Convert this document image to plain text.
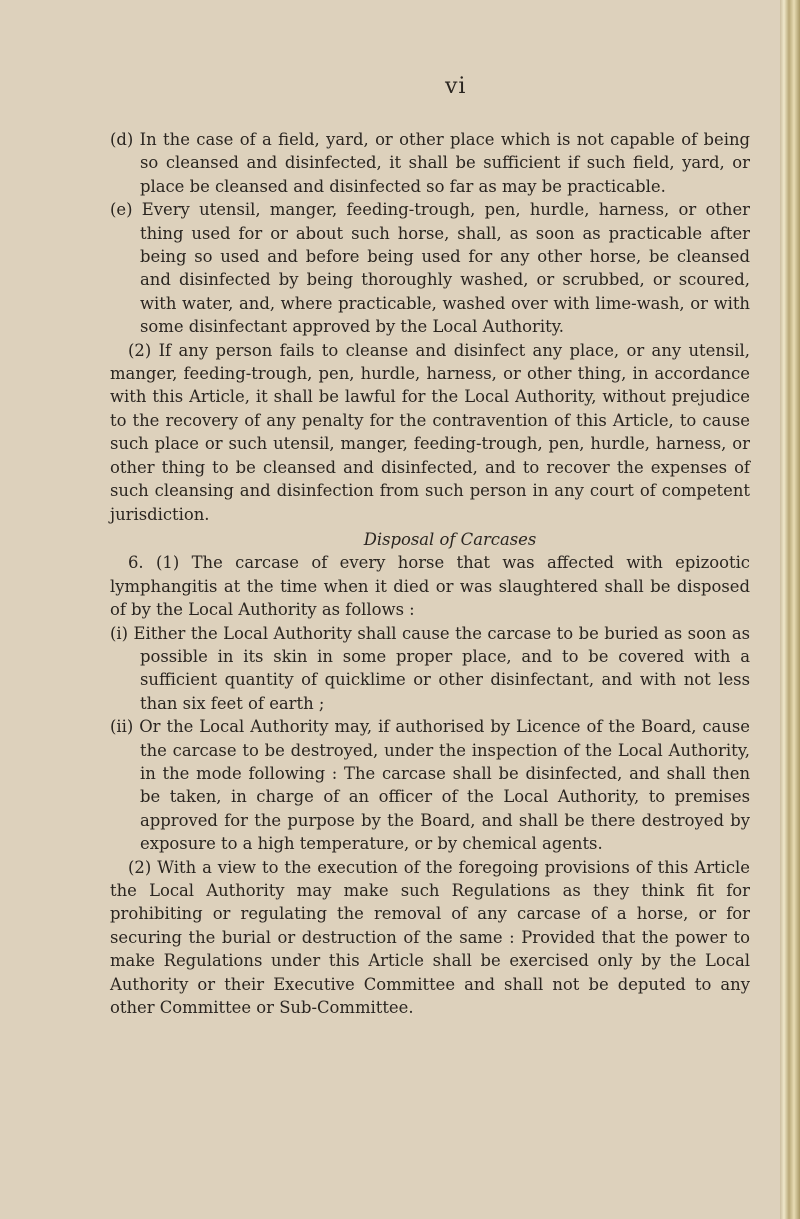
vi

(d) In the case of a field, yard, or other place which is not capable of being so cleansed and disinfected, it shall be sufficient if such field, yard, or place be cleansed and disinfected so far as may be practicable.

(e) Every utensil, manger, feeding-trough, pen, hurdle, harness, or other thing used for or about such horse, shall, as soon as practicable after being so used and before being used for any other horse, be cleansed and disinfected by being thoroughly washed, or scrubbed, or scoured, with water, and, where practicable, washed over with lime-wash, or with some disinfectant approved by the Local Authority.

(2) If any person fails to cleanse and disinfect any place, or any utensil, manger, feeding-trough, pen, hurdle, harness, or other thing, in accordance with this Article, it shall be lawful for the Local Authority, without prejudice to the recovery of any penalty for the contravention of this Article, to cause such place or such utensil, manger, feeding-trough, pen, hurdle, harness, or other thing to be cleansed and disinfected, and to recover the expenses of such cleansing and disinfection from such person in any court of competent jurisdiction.

Disposal of Carcases

6. (1) The carcase of every horse that was affected with epizootic lymphangitis at the time when it died or was slaughtered shall be disposed of by the Local Authority as follows :

(i) Either the Local Authority shall cause the carcase to be buried as soon as possible in its skin in some proper place, and to be covered with a sufficient quantity of quicklime or other disinfectant, and with not less than six feet of earth ;

(ii) Or the Local Authority may, if authorised by Licence of the Board, cause the carcase to be destroyed, under the inspection of the Local Authority, in the mode following : The carcase shall be disinfected, and shall then be taken, in charge of an officer of the Local Authority, to premises approved for the purpose by the Board, and shall be there destroyed by exposure to a high temperature, or by chemical agents.

(2) With a view to the execution of the foregoing provisions of this Article the Local Authority may make such Regulations as they think fit for prohibiting or regulating the removal of any carcase of a horse, or for securing the burial or destruction of the same : Provided that the power to make Regulations under this Article shall be exercised only by the Local Authority or their Executive Committee and shall not be deputed to any other Committee or Sub-Committee.
